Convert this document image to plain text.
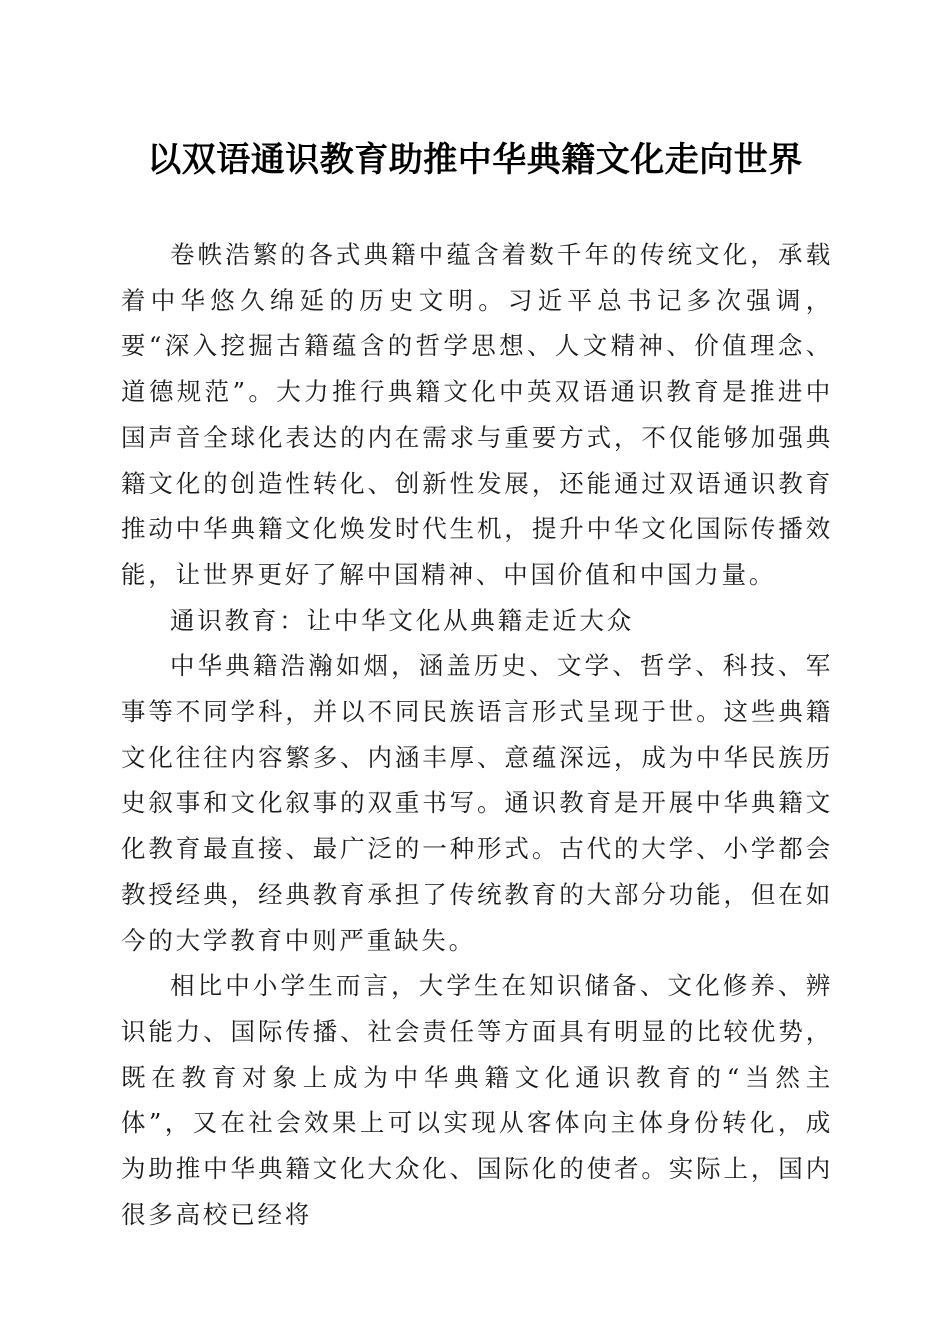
以双语通识教育助推中华典籍文化走向世界

卷帙浩繁的各式典籍中蕴含着数千年的传统文化，承载着中华悠久绵延的历史文明。习近平总书记多次强调，要“深入挖掘古籍蕴含的哲学思想、人文精神、价值理念、道德规范”。大力推行典籍文化中英双语通识教育是推进中国声音全球化表达的内在需求与重要方式，不仅能够加强典籍文化的创造性转化、创新性发展，还能通过双语通识教育推动中华典籍文化焕发时代生机，提升中华文化国际传播效能，让世界更好了解中国精神、中国价值和中国力量。

通识教育：让中华文化从典籍走近大众

中华典籍浩瀚如烟，涵盖历史、文学、哲学、科技、军事等不同学科，并以不同民族语言形式呈现于世。这些典籍文化往往内容繁多、内涵丰厚、意蕴深远，成为中华民族历史叙事和文化叙事的双重书写。通识教育是开展中华典籍文化教育最直接、最广泛的一种形式。古代的大学、小学都会教授经典，经典教育承担了传统教育的大部分功能，但在如今的大学教育中则严重缺失。

相比中小学生而言，大学生在知识储备、文化修养、辨识能力、国际传播、社会责任等方面具有明显的比较优势，既在教育对象上成为中华典籍文化通识教育的“当然主体”，又在社会效果上可以实现从客体向主体身份转化，成为助推中华典籍文化大众化、国际化的使者。实际上，国内很多高校已经将
